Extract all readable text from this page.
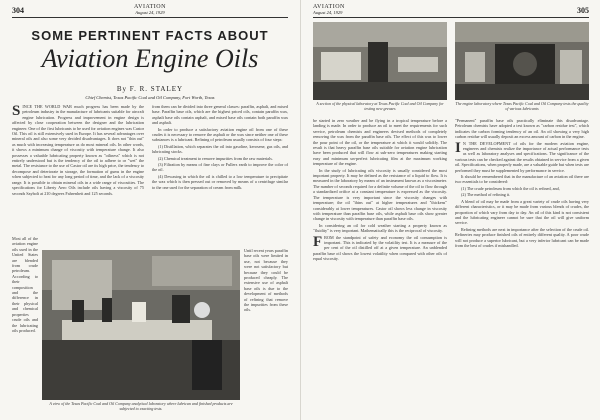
304	AVIATION
August 24, 1929
SOME PERTINENT FACTS ABOUT
Aviation Engine Oils
By F. R. STALEY
Chief Chemist, Texas Pacific Coal and Oil Company, Fort Worth, Texas

SINCE THE WORLD WAR much progress has been made by the petroleum industry in the manufacture of lubricants suitable for aircraft engine lubrication. Progress and improvement in engine design is affected by close cooperation between the designer and the lubrication engineer. One of the first lubricants to be used for aviation engines was Castor Oil. This oil is still extensively used in Europe. It has several advantages over mineral oils and also some very decided disadvantages. It does not "thin out" as much with increasing temperature as do most mineral oils. In other words, it shows a minimum change of viscosity with temperature change. It also possesses a valuable lubricating property known as "oiliness" which is not entirely understood but is the tendency of the oil to adhere to or "wet" the metal. The resistance to the use of Castor oil are its high price, the tendency to decompose and deteriorate in storage, the formation of gums in the engine when subjected to heat for any long period of time, and the lack of a viscosity range. It is possible to obtain mineral oils in a wide range of viscosities. The specifications for Liberty Aero Oils include oils having a viscosity of 75 seconds Saybolt at 210 degrees Fahrenheit and 125 seconds.

from them can be divided into three general classes: paraffin, asphalt, and mixed base. Paraffin base oils, which are the highest priced oils, contain paraffin wax, asphalt base oils contain asphalt, and mixed base oils contain both paraffin wax and asphalt.

In order to produce a satisfactory aviation engine oil from one of these crudes it is necessary to remove the asphalt or the wax since neither one of these substances is a lubricant. Refining of petroleum usually consists of four steps:

(1) Distillation, which separates the oil into gasoline, kerosene, gas oils, and lubricating stocks.

(2) Chemical treatment to remove impurities from the raw materials.

(3) Filtration by means of fine clays or Fullers earth to improve the color of the oil.

(4) Dewaxing in which the oil is chilled to a low temperature to precipitate the wax which is then pressed out or removed by means of a centrifuge similar to the one used for the separation of cream from milk.

Most all of the aviation engine oils used in the United States are blended from crude petroleum. According to their composition and the difference in their physical and chemical properties crude oils and the lubricating oils produced.

Until recent years paraffin base oils were limited in use, not because they were not satisfactory but because they could be produced cheaply. The extensive use of asphalt base oils is due to the development of methods of refining that remove the impurities from these oils.

A view of the Texas Pacific Coal and Oil Company analytical laboratory where lubrican and finished products are subjected to exacting tests.
AVIATION
August 24, 1929	305
A section of the physical laboratory at Texas Pacific Coal and Oil Company for testing new greases
The engine laboratory where Texas Pacific Coal and Oil Company tests the quality of various lubricants

be started in zero weather and be flying in a tropical temperature before a landing is made. In order to produce an oil to meet the requirements for such service, petroleum chemists and engineers devised methods of completely removing the wax from the paraffin base oils. The effect of this was to lower the pour point of the oil, or the temperature at which it would solidify. The result is that heavy paraffin base oils suitable for aviation engine lubrication have been produced that will flow at sub-zero temperatures making starting easy and minimum un-perfect lubricating film at the maximum working temperature of the engine.

In the study of lubricating oils viscosity is usually considered the most important property. It may be defined as the resistance of a liquid to flow. It is measured in the laboratory by means of an instrument known as a viscosimeter. The number of seconds required for a definite volume of the oil to flow through a standardized orifice at a constant temperature is expressed as the viscosity. The temperature is very important since the viscosity changes with temperature; the oil "thins out" at higher temperatures and "thickens" considerably at lower temperatures. Castor oil shows less change in viscosity with temperature than paraffin base oils, while asphalt base oils show greater change in viscosity with temperature than paraffin base oils.

In considering an oil for cold weather starting a property known as "fluidity" is very important. Mathematically this is the reciprocal of viscosity.

FROM the standpoint of safety and economy the oil consumption is important. This is indicated by the volatility test. It is a measure of the per cent of the oil distilled off at a given temperature. An unblended paraffin base oil shows the lowest volatility when compared with other oils of equal viscosity.

"Permanent" paraffin base oils practically eliminate this disadvantage. Petroleum chemists have adopted a test known as "carbon residue test", which indicates the carbon forming tendency of an oil. An oil showing a very high carbon residue will usually deposit an excess amount of carbon in the engine.

I N THE DEVELOPMENT of oils for the modern aviation engine, engineers and chemists realize the importance of actual performance tests as well as laboratory analyses and specifications. The significance of the various tests can be checked against the results obtained in service from a given oil. Specifications, when properly made, are a valuable guide but when tests are performed they must be supplemented by performance in service.

It should be remembered that in the manufacture of an aviation oil there are two essentials to be considered:

(1) The crude petroleum from which the oil is refined, and,

(2) The method of refining it.

A blend of oil may be made from a great variety of crude oils having very different characteristics, or it may be made from various blends of crudes, the proportion of which vary from day to day. An oil of this kind is not consistent and the lubricating engineer cannot be sure that the oil will give uniform service.

Refining methods are next in importance after the selection of the crude oil. Refineries may produce finished oils of entirely different quality. A poor crude will not produce a superior lubricant, but a very inferior lubricant can be made from the best of crudes if mishandled.
